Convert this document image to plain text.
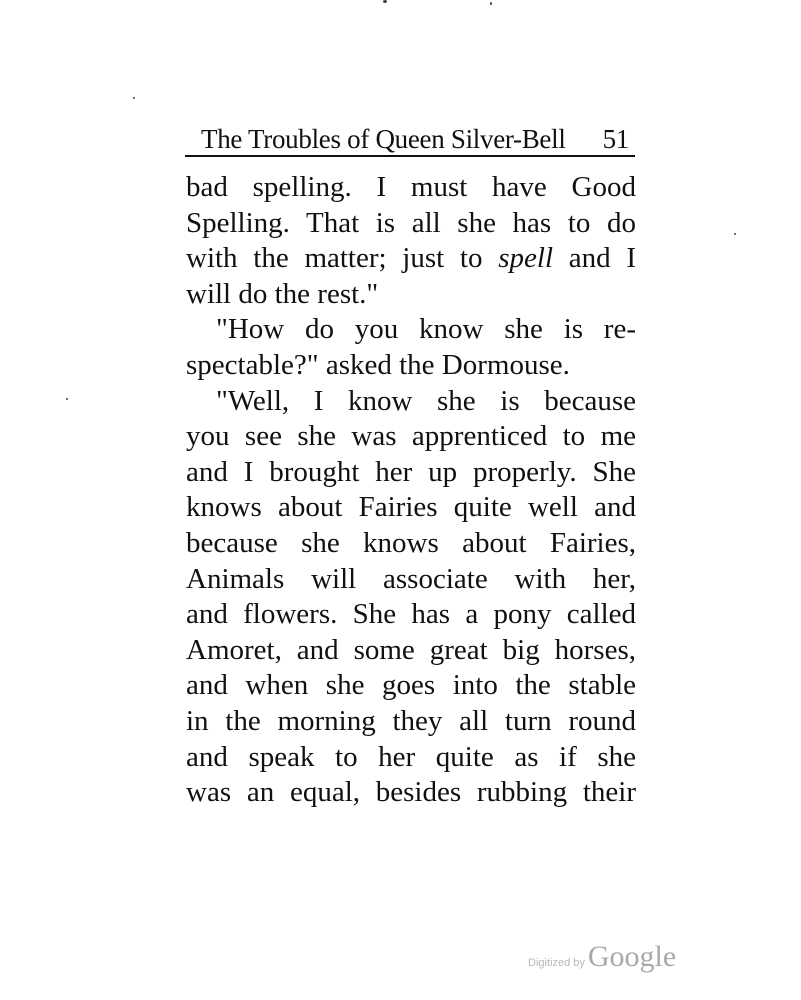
The Troubles of Queen Silver-Bell 51
bad spelling. I must have Good
Spelling. That is all she has to do
with the matter; just to spell and I
will do the rest."
"How do you know she is re-
spectable?" asked the Dormouse.
"Well, I know she is because
you see she was apprenticed to me
and I brought her up properly. She
knows about Fairies quite well and
because she knows about Fairies,
Animals will associate with her,
and flowers. She has a pony called
Amoret, and some great big horses,
and when she goes into the stable
in the morning they all turn round
and speak to her quite as if she
was an equal, besides rubbing their
Digitized by Google
